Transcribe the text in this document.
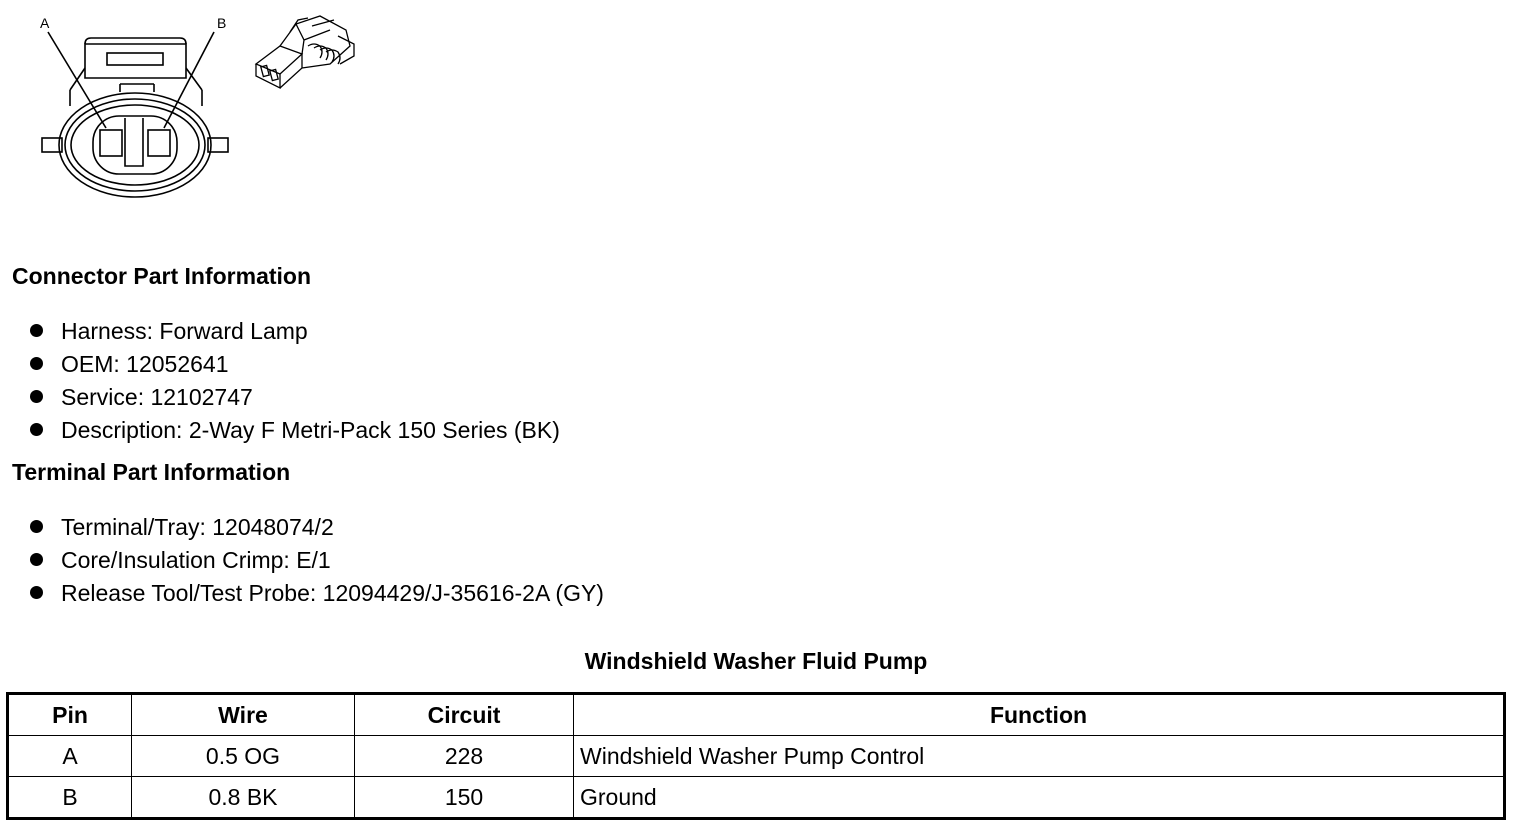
A	B
Connector Part Information
Harness: Forward Lamp
OEM: 12052641
Service: 12102747
Description: 2-Way F Metri-Pack 150 Series (BK)
Terminal Part Information
Terminal/Tray: 12048074/2
Core/Insulation Crimp: E/1
Release Tool/Test Probe: 12094429/J-35616-2A (GY)
Windshield Washer Fluid Pump
Pin	Wire	Circuit	Function
A	0.5 OG	228	Windshield Washer Pump Control
B	0.8 BK	150	Ground
